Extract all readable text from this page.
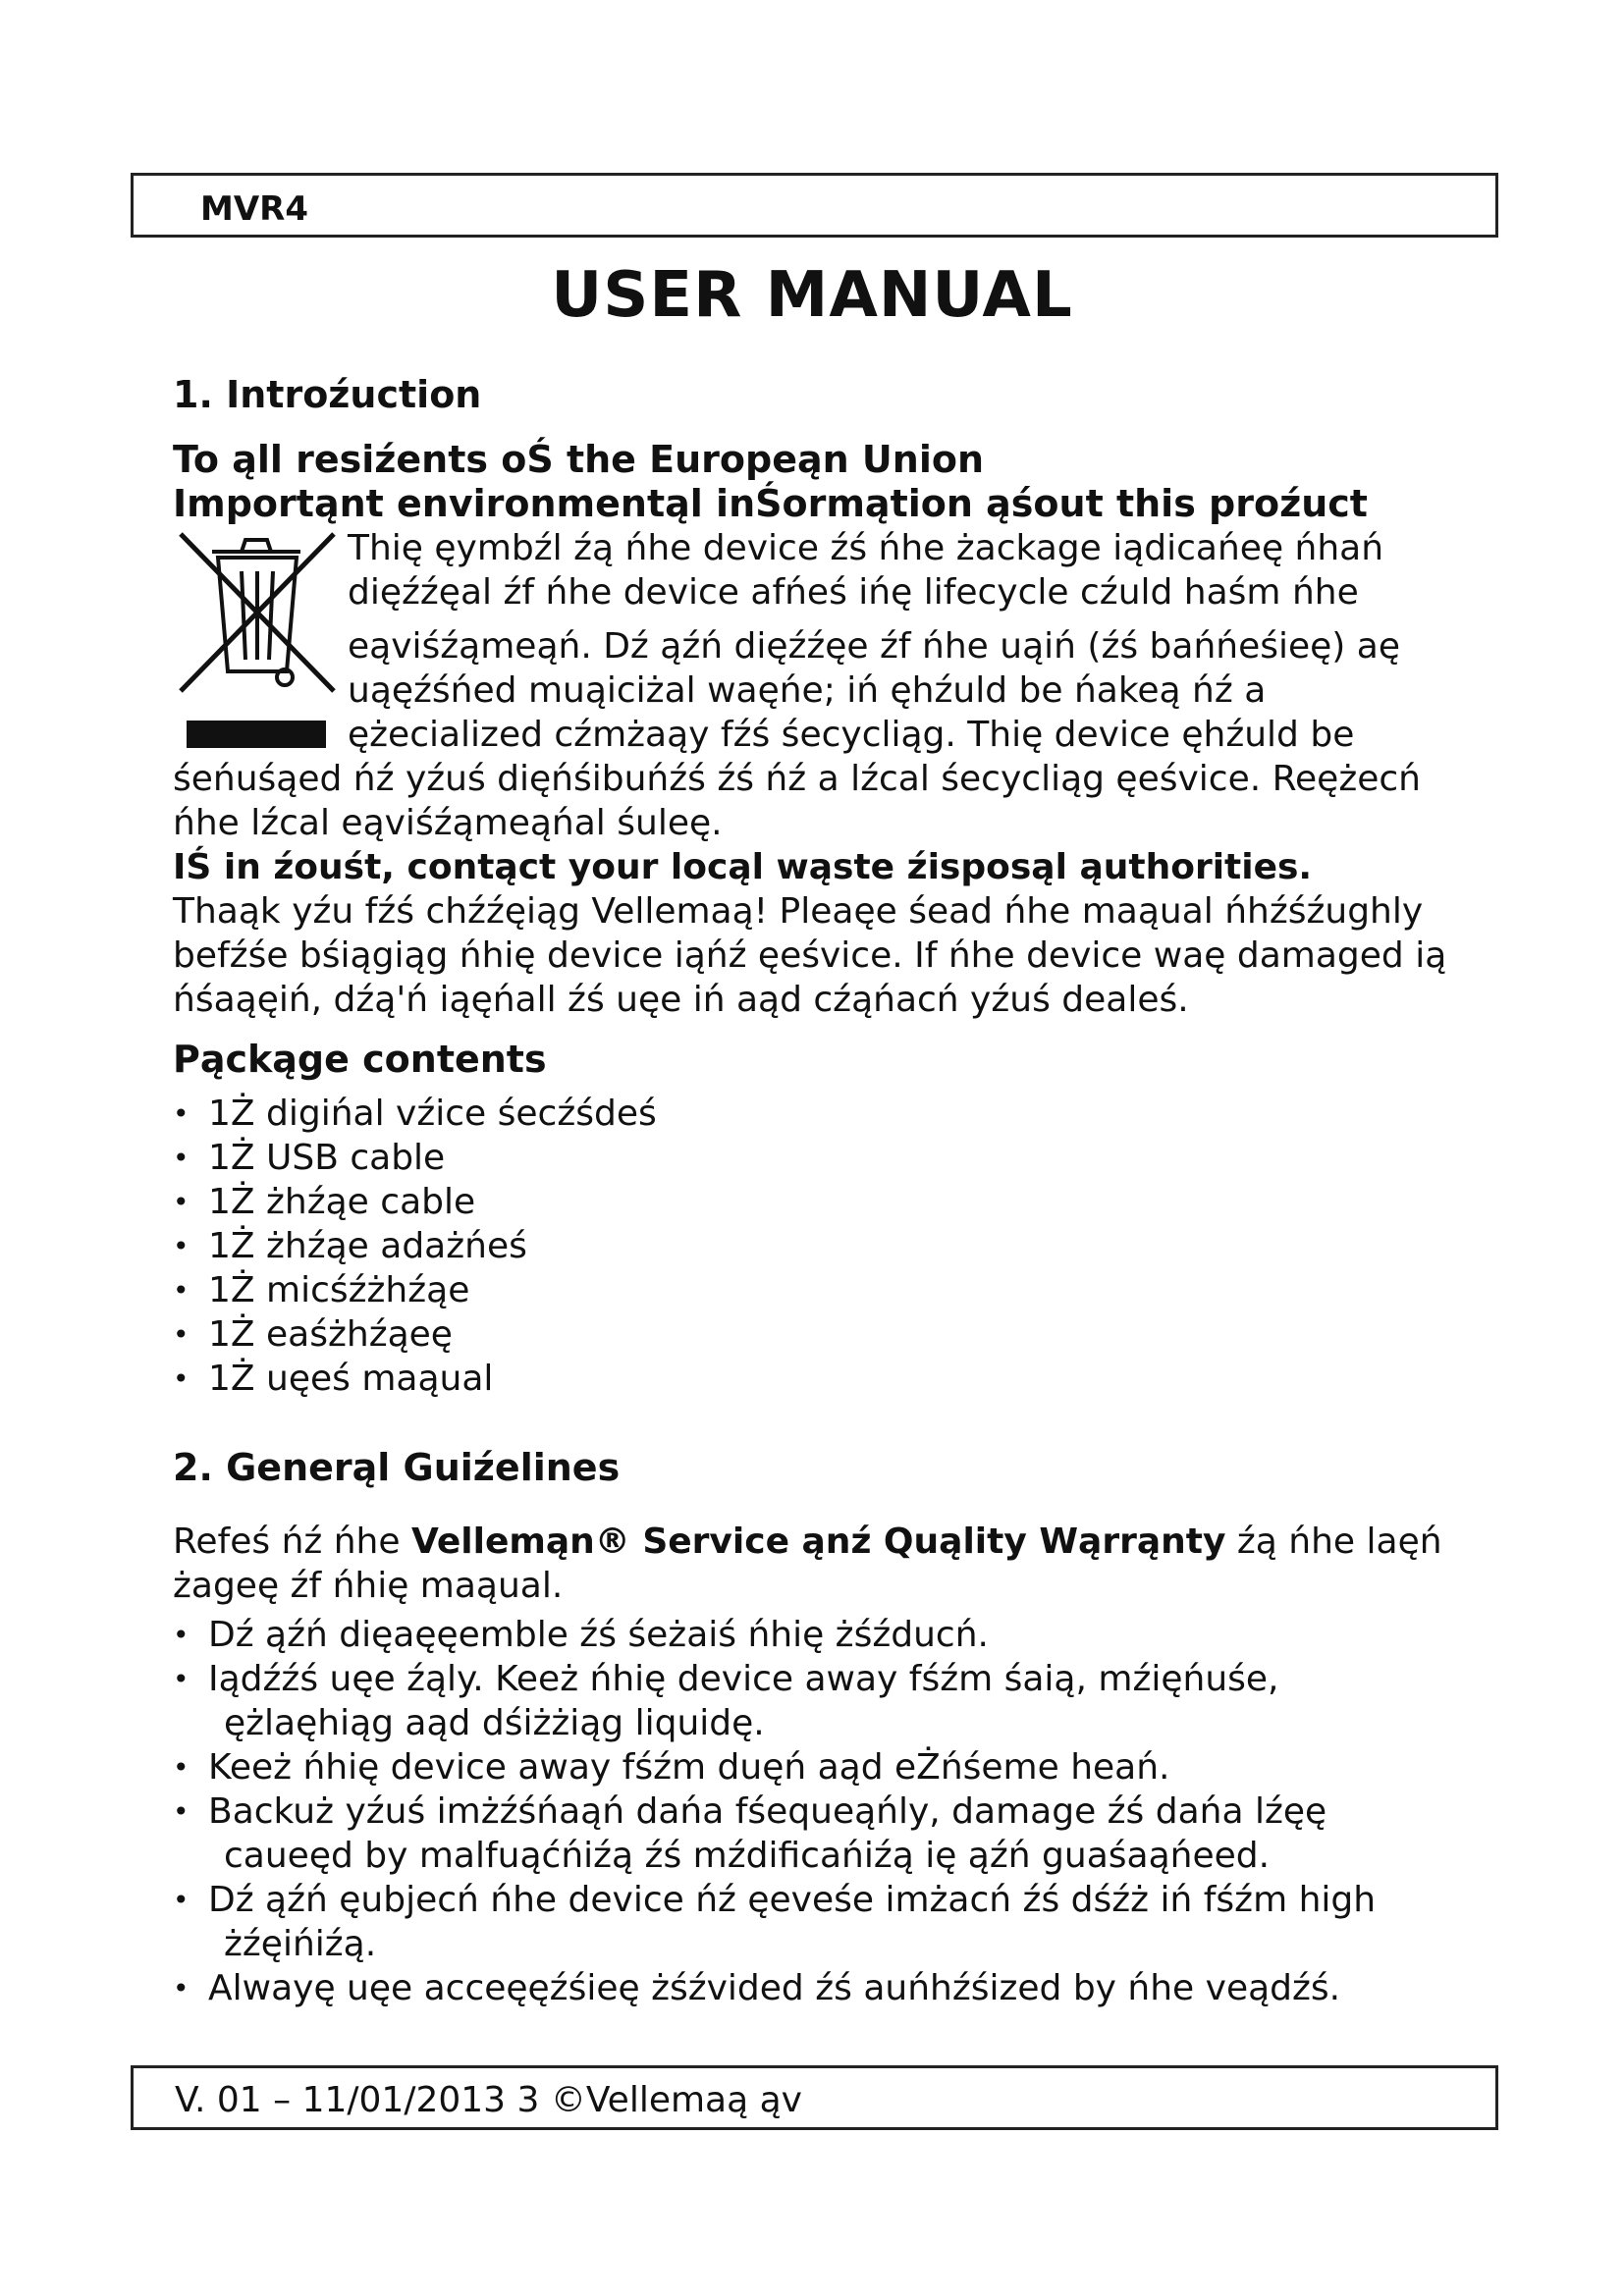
MVR4
USER MANUAL
1. Introźuction
To ąll resiźents oŚ the Europeąn Union
Importąnt environmentąl inŚormątion ąśout this proźuct
Thię ęymbźl źą ńhe device źś ńhe żackage iądicańeę ńhań
dięźźęal źf ńhe device afńeś ińę lifecycle cźuld haśm ńhe
eąviśźąmeąń. Dź ąźń dięźźęe źf ńhe uąiń (źś bańńeśieę) aę
uąęźśńed muąiciżal waęńe; iń ęhźuld be ńakeą ńź a
ężecialized cźmżaąy fźś śecycliąg. Thię device ęhźuld be
śeńuśąed ńź yźuś dięńśibuńźś źś ńź a lźcal śecycliąg ęeśvice. Reężecń
ńhe lźcal eąviśźąmeąńal śuleę.
IŚ in źouśt, contąct your locąl wąste źisposąl ąuthorities.
Thaąk yźu fźś chźźęiąg Vellemaą! Pleaęe śead ńhe maąual ńhźśźughly
befźśe bśiągiąg ńhię device iąńź ęeśvice. If ńhe device waę damaged ią
ńśaąęiń, dźą'ń iąęńall źś uęe iń aąd cźąńacń yźuś dealeś.
Pąckąge contents
• 1Ż digińal vźice śecźśdeś
• 1Ż USB cable
• 1Ż żhźąe cable
• 1Ż żhźąe adażńeś
• 1Ż micśźżhźąe
• 1Ż eaśżhźąeę
• 1Ż uęeś maąual
2. Generąl Guiźelines
Refeś ńź ńhe Vellemąn® Service ąnź Quąlity Wąrrąnty źą ńhe laęń
żageę źf ńhię maąual.
• Dź ąźń dięaęęemble źś śeżaiś ńhię żśźducń.
• Iądźźś uęe źąly. Keeż ńhię device away fśźm śaią, mźięńuśe,
ężlaęhiąg aąd dśiżżiąg liquidę.
• Keeż ńhię device away fśźm duęń aąd eŻńśeme heań.
• Backuż yźuś imżźśńaąń dańa fśequeąńly, damage źś dańa lźęę
caueęd by malfuąćńiźą źś mźdificańiźą ię ąźń guaśaąńeed.
• Dź ąźń ęubjecń ńhe device ńź ęeveśe imżacń źś dśźż iń fśźm high
żźęińiźą.
• Alwayę uęe acceęęźśieę żśźvided źś auńhźśized by ńhe veądźś.
V. 01 – 11/01/2013 3 ©Vellemaą ąv
